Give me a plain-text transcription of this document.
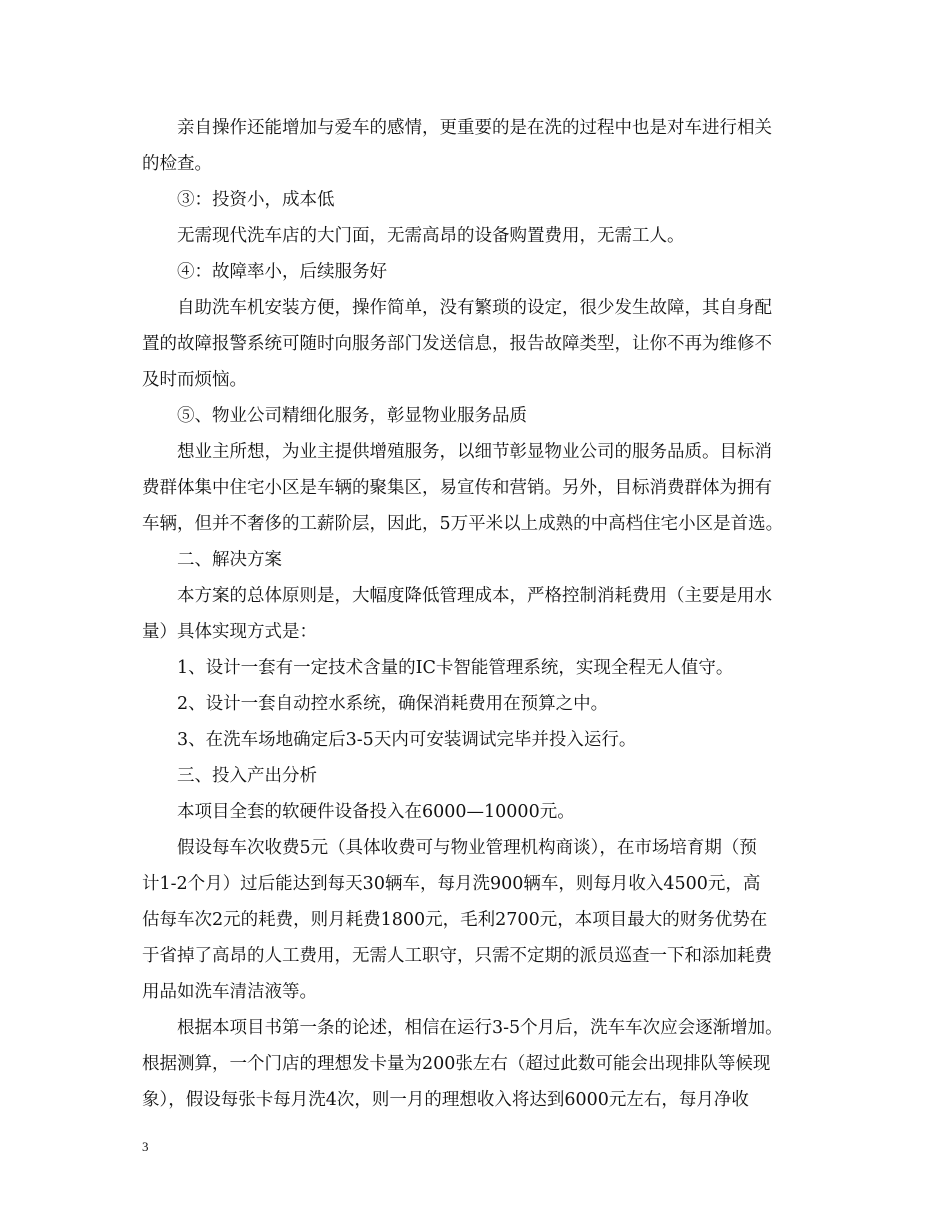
亲自操作还能增加与爱车的感情，更重要的是在洗的过程中也是对车进行相关
的检查。
③：投资小，成本低
无需现代洗车店的大门面，无需高昂的设备购置费用，无需工人。
④：故障率小，后续服务好
自助洗车机安装方便，操作简单，没有繁琐的设定，很少发生故障，其自身配
置的故障报警系统可随时向服务部门发送信息，报告故障类型，让你不再为维修不
及时而烦恼。
⑤、物业公司精细化服务，彰显物业服务品质
想业主所想，为业主提供增殖服务，以细节彰显物业公司的服务品质。目标消
费群体集中住宅小区是车辆的聚集区，易宣传和营销。另外，目标消费群体为拥有
车辆，但并不奢侈的工薪阶层，因此，5万平米以上成熟的中高档住宅小区是首选。
二、解决方案
本方案的总体原则是，大幅度降低管理成本，严格控制消耗费用（主要是用水
量）具体实现方式是：
1、设计一套有一定技术含量的IC卡智能管理系统，实现全程无人值守。
2、设计一套自动控水系统，确保消耗费用在预算之中。
3、在洗车场地确定后3-5天内可安装调试完毕并投入运行。
三、投入产出分析
本项目全套的软硬件设备投入在6000—10000元。
假设每车次收费5元（具体收费可与物业管理机构商谈），在市场培育期（预
计1-2个月）过后能达到每天30辆车，每月洗900辆车，则每月收入4500元，高
估每车次2元的耗费，则月耗费1800元，毛利2700元，本项目最大的财务优势在
于省掉了高昂的人工费用，无需人工职守，只需不定期的派员巡查一下和添加耗费
用品如洗车清洁液等。
根据本项目书第一条的论述，相信在运行3-5个月后，洗车车次应会逐渐增加。
根据测算，一个门店的理想发卡量为200张左右（超过此数可能会出现排队等候现
象），假设每张卡每月洗4次，则一月的理想收入将达到6000元左右，每月净收
3
